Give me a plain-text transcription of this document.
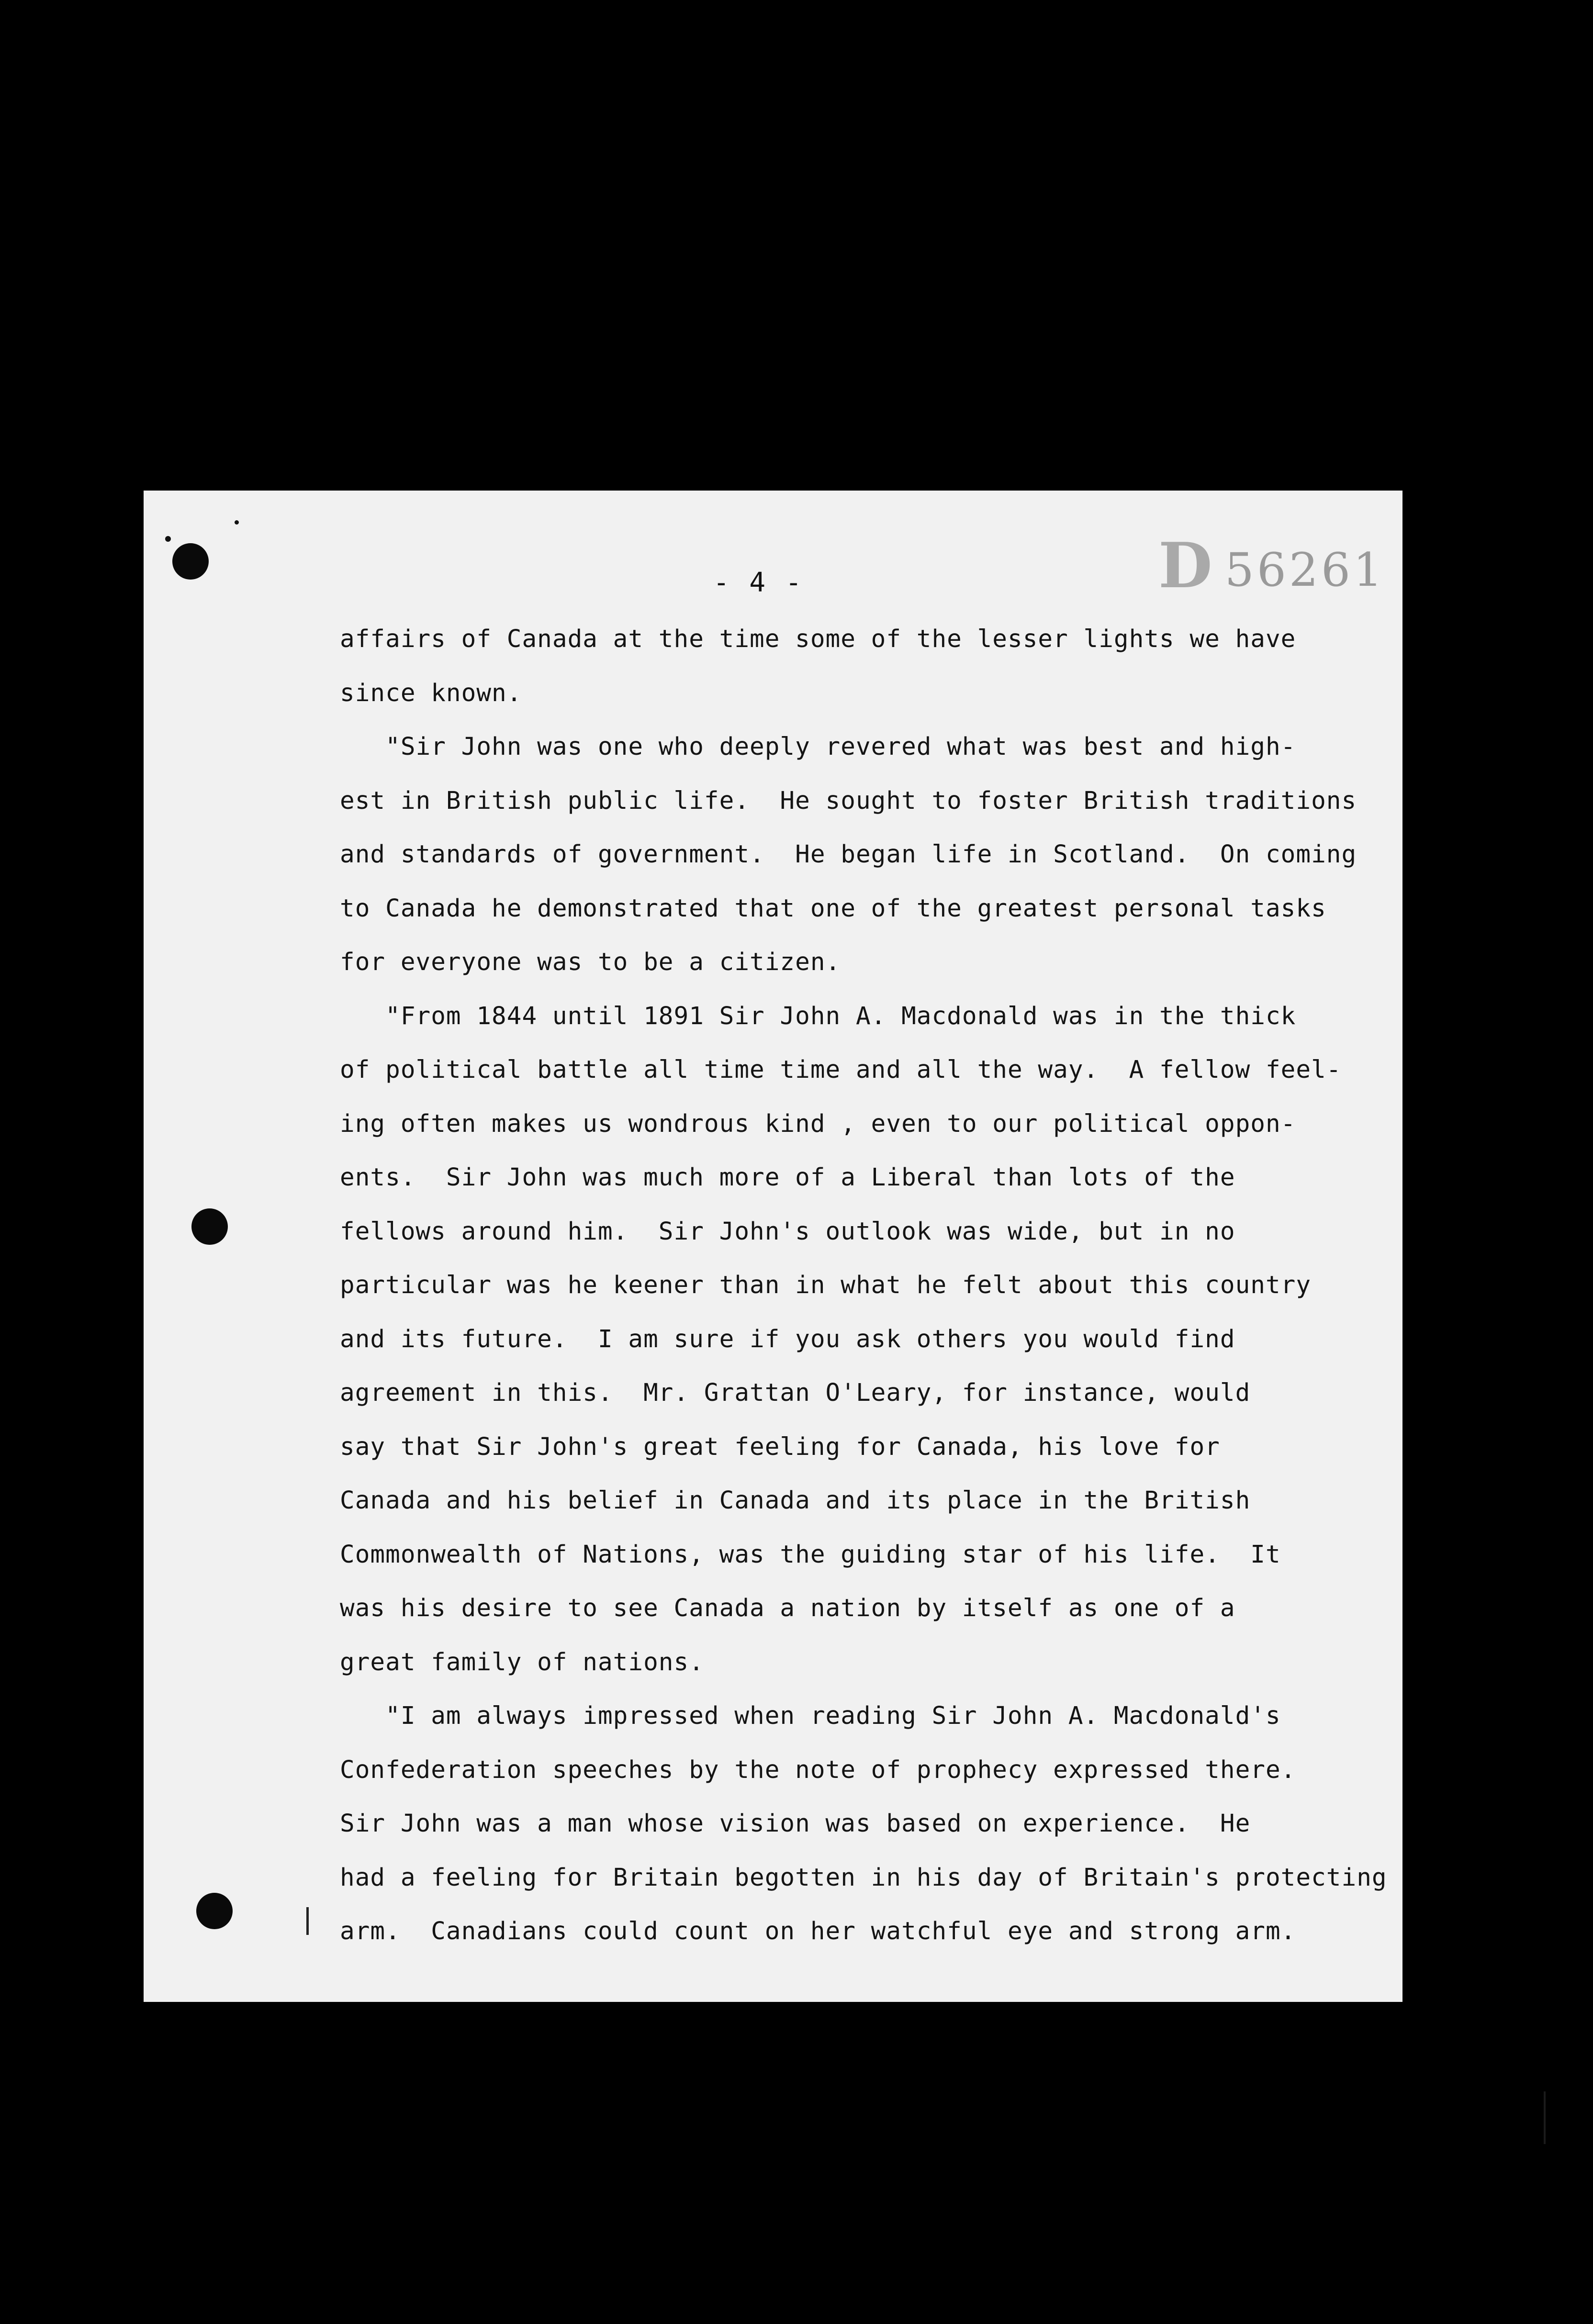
- 4 -	D 56261
affairs of Canada at the time some of the lesser lights we have
since known.
"Sir John was one who deeply revered what was best and high-
est in British public life.  He sought to foster British traditions
and standards of government.  He began life in Scotland.  On coming
to Canada he demonstrated that one of the greatest personal tasks
for everyone was to be a citizen.
"From 1844 until 1891 Sir John A. Macdonald was in the thick
of political battle all time time and all the way.  A fellow feel-
ing often makes us wondrous kind , even to our political oppon-
ents.  Sir John was much more of a Liberal than lots of the
fellows around him.  Sir John's outlook was wide, but in no
particular was he keener than in what he felt about this country
and its future.  I am sure if you ask others you would find
agreement in this.  Mr. Grattan O'Leary, for instance, would
say that Sir John's great feeling for Canada, his love for
Canada and his belief in Canada and its place in the British
Commonwealth of Nations, was the guiding star of his life.  It
was his desire to see Canada a nation by itself as one of a
great family of nations.
"I am always impressed when reading Sir John A. Macdonald's
Confederation speeches by the note of prophecy expressed there.
Sir John was a man whose vision was based on experience.  He
had a feeling for Britain begotten in his day of Britain's protecting
arm.  Canadians could count on her watchful eye and strong arm.
